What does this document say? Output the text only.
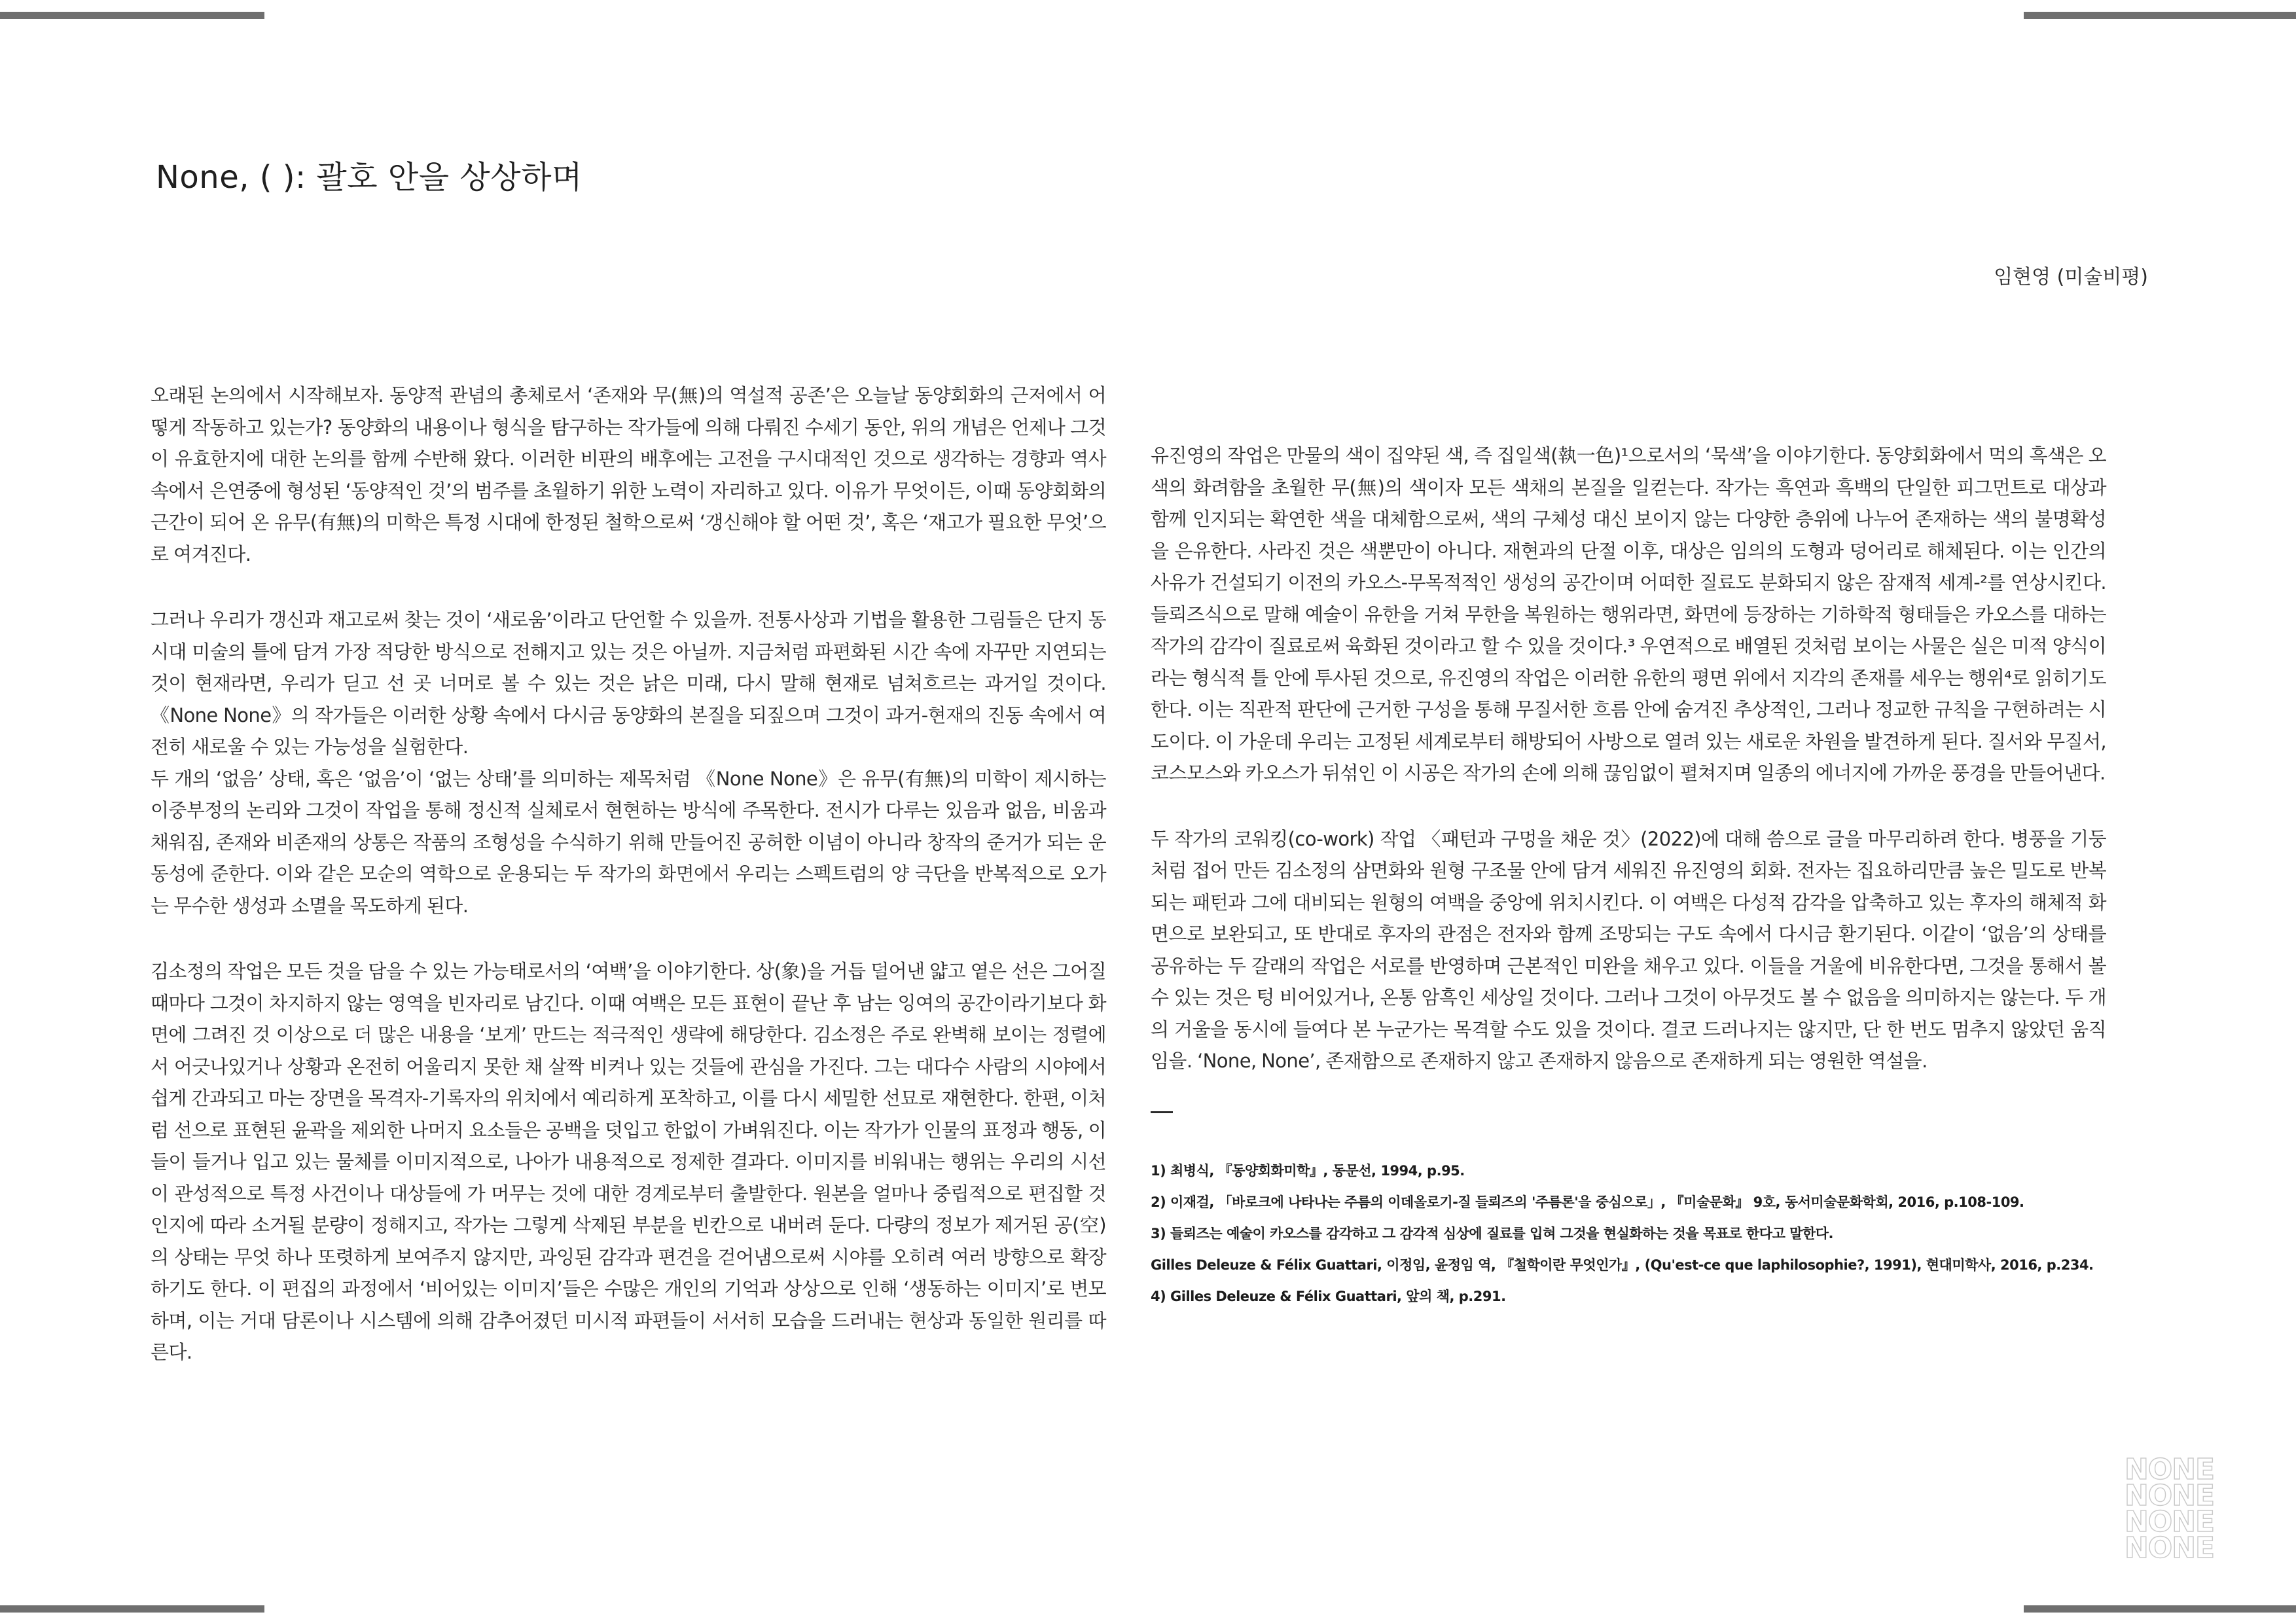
None, ( ): 괄호 안을 상상하며

임현영 (미술비평)

오래된 논의에서 시작해보자. 동양적 관념의 총체로서 ‘존재와 무(無)의 역설적 공존’은 오늘날 동양회화의 근저에서 어떻게 작동하고 있는가? 동양화의 내용이나 형식을 탐구하는 작가들에 의해 다뤄진 수세기 동안, 위의 개념은 언제나 그것이 유효한지에 대한 논의를 함께 수반해 왔다. 이러한 비판의 배후에는 고전을 구시대적인 것으로 생각하는 경향과 역사 속에서 은연중에 형성된 ‘동양적인 것’의 범주를 초월하기 위한 노력이 자리하고 있다. 이유가 무엇이든, 이때 동양회화의 근간이 되어 온 유무(有無)의 미학은 특정 시대에 한정된 철학으로써 ‘갱신해야 할 어떤 것’, 혹은 ‘재고가 필요한 무엇’으로 여겨진다.

그러나 우리가 갱신과 재고로써 찾는 것이 ‘새로움’이라고 단언할 수 있을까. 전통사상과 기법을 활용한 그림들은 단지 동시대 미술의 틀에 담겨 가장 적당한 방식으로 전해지고 있는 것은 아닐까. 지금처럼 파편화된 시간 속에 자꾸만 지연되는 것이 현재라면, 우리가 딛고 선 곳 너머로 볼 수 있는 것은 낡은 미래, 다시 말해 현재로 넘쳐흐르는 과거일 것이다. 《None None》의 작가들은 이러한 상황 속에서 다시금 동양화의 본질을 되짚으며 그것이 과거-현재의 진동 속에서 여전히 새로울 수 있는 가능성을 실험한다.

두 개의 ‘없음’ 상태, 혹은 ‘없음’이 ‘없는 상태’를 의미하는 제목처럼 《None None》은 유무(有無)의 미학이 제시하는 이중부정의 논리와 그것이 작업을 통해 정신적 실체로서 현현하는 방식에 주목한다. 전시가 다루는 있음과 없음, 비움과 채워짐, 존재와 비존재의 상통은 작품의 조형성을 수식하기 위해 만들어진 공허한 이념이 아니라 창작의 준거가 되는 운동성에 준한다. 이와 같은 모순의 역학으로 운용되는 두 작가의 화면에서 우리는 스펙트럼의 양 극단을 반복적으로 오가는 무수한 생성과 소멸을 목도하게 된다.

김소정의 작업은 모든 것을 담을 수 있는 가능태로서의 ‘여백’을 이야기한다. 상(象)을 거듭 덜어낸 얇고 옅은 선은 그어질 때마다 그것이 차지하지 않는 영역을 빈자리로 남긴다. 이때 여백은 모든 표현이 끝난 후 남는 잉여의 공간이라기보다 화면에 그려진 것 이상으로 더 많은 내용을 ‘보게’ 만드는 적극적인 생략에 해당한다. 김소정은 주로 완벽해 보이는 정렬에서 어긋나있거나 상황과 온전히 어울리지 못한 채 살짝 비켜나 있는 것들에 관심을 가진다. 그는 대다수 사람의 시야에서 쉽게 간과되고 마는 장면을 목격자-기록자의 위치에서 예리하게 포착하고, 이를 다시 세밀한 선묘로 재현한다. 한편, 이처럼 선으로 표현된 윤곽을 제외한 나머지 요소들은 공백을 덧입고 한없이 가벼워진다. 이는 작가가 인물의 표정과 행동, 이들이 들거나 입고 있는 물체를 이미지적으로, 나아가 내용적으로 정제한 결과다. 이미지를 비워내는 행위는 우리의 시선이 관성적으로 특정 사건이나 대상들에 가 머무는 것에 대한 경계로부터 출발한다. 원본을 얼마나 중립적으로 편집할 것인지에 따라 소거될 분량이 정해지고, 작가는 그렇게 삭제된 부분을 빈칸으로 내버려 둔다. 다량의 정보가 제거된 공(空)의 상태는 무엇 하나 또렷하게 보여주지 않지만, 과잉된 감각과 편견을 걷어냄으로써 시야를 오히려 여러 방향으로 확장하기도 한다. 이 편집의 과정에서 ‘비어있는 이미지’들은 수많은 개인의 기억과 상상으로 인해 ‘생동하는 이미지’로 변모하며, 이는 거대 담론이나 시스템에 의해 감추어졌던 미시적 파편들이 서서히 모습을 드러내는 현상과 동일한 원리를 따른다.

유진영의 작업은 만물의 색이 집약된 색, 즉 집일색(執一色)¹으로서의 ‘묵색’을 이야기한다. 동양회화에서 먹의 흑색은 오색의 화려함을 초월한 무(無)의 색이자 모든 색채의 본질을 일컫는다. 작가는 흑연과 흑백의 단일한 피그먼트로 대상과 함께 인지되는 확연한 색을 대체함으로써, 색의 구체성 대신 보이지 않는 다양한 층위에 나누어 존재하는 색의 불명확성을 은유한다. 사라진 것은 색뿐만이 아니다. 재현과의 단절 이후, 대상은 임의의 도형과 덩어리로 해체된다. 이는 인간의 사유가 건설되기 이전의 카오스-무목적적인 생성의 공간이며 어떠한 질료도 분화되지 않은 잠재적 세계-²를 연상시킨다. 들뢰즈식으로 말해 예술이 유한을 거쳐 무한을 복원하는 행위라면, 화면에 등장하는 기하학적 형태들은 카오스를 대하는 작가의 감각이 질료로써 육화된 것이라고 할 수 있을 것이다.³ 우연적으로 배열된 것처럼 보이는 사물은 실은 미적 양식이라는 형식적 틀 안에 투사된 것으로, 유진영의 작업은 이러한 유한의 평면 위에서 지각의 존재를 세우는 행위⁴로 읽히기도 한다. 이는 직관적 판단에 근거한 구성을 통해 무질서한 흐름 안에 숨겨진 추상적인, 그러나 정교한 규칙을 구현하려는 시도이다. 이 가운데 우리는 고정된 세계로부터 해방되어 사방으로 열려 있는 새로운 차원을 발견하게 된다. 질서와 무질서, 코스모스와 카오스가 뒤섞인 이 시공은 작가의 손에 의해 끊임없이 펼쳐지며 일종의 에너지에 가까운 풍경을 만들어낸다.

두 작가의 코워킹(co-work) 작업 〈패턴과 구멍을 채운 것〉(2022)에 대해 씀으로 글을 마무리하려 한다. 병풍을 기둥처럼 접어 만든 김소정의 삼면화와 원형 구조물 안에 담겨 세워진 유진영의 회화. 전자는 집요하리만큼 높은 밀도로 반복되는 패턴과 그에 대비되는 원형의 여백을 중앙에 위치시킨다. 이 여백은 다성적 감각을 압축하고 있는 후자의 해체적 화면으로 보완되고, 또 반대로 후자의 관점은 전자와 함께 조망되는 구도 속에서 다시금 환기된다. 이같이 ‘없음’의 상태를 공유하는 두 갈래의 작업은 서로를 반영하며 근본적인 미완을 채우고 있다. 이들을 거울에 비유한다면, 그것을 통해서 볼 수 있는 것은 텅 비어있거나, 온통 암흑인 세상일 것이다. 그러나 그것이 아무것도 볼 수 없음을 의미하지는 않는다. 두 개의 거울을 동시에 들여다 본 누군가는 목격할 수도 있을 것이다. 결코 드러나지는 않지만, 단 한 번도 멈추지 않았던 움직임을. ‘None, None’, 존재함으로 존재하지 않고 존재하지 않음으로 존재하게 되는 영원한 역설을.

1) 최병식, 『동양회화미학』, 동문선, 1994, p.95.
2) 이재걸, 「바로크에 나타나는 주름의 이데올로기-질 들뢰즈의 '주름론'을 중심으로」, 『미술문화』 9호, 동서미술문화학회, 2016, p.108-109.
3) 들뢰즈는 예술이 카오스를 감각하고 그 감각적 심상에 질료를 입혀 그것을 현실화하는 것을 목표로 한다고 말한다.
Gilles Deleuze & Félix Guattari, 이정임, 윤정임 역, 『철학이란 무엇인가』, (Qu'est-ce que laphilosophie?, 1991), 현대미학사, 2016, p.234.
4) Gilles Deleuze & Félix Guattari, 앞의 책, p.291.
NONE
NONE
NONE
NONE
